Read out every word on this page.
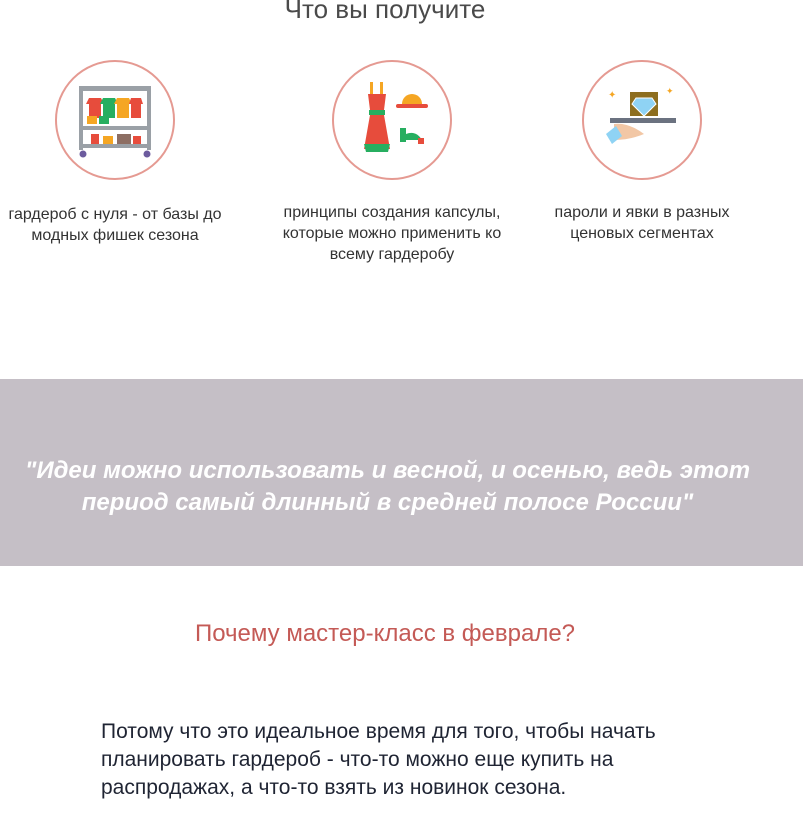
Что вы получите
гардероб с нуля - от базы до модных фишек сезона
принципы создания капсулы, которые можно применить ко всему гардеробу
✦	✦
пароли и явки в разных ценовых сегментах

"Идеи можно использовать и весной, и осенью, ведь этот период самый длинный в средней полосе России"

Почему мастер-класс в феврале?

Потому что это идеальное время для того, чтобы начать планировать гардероб - что-то можно еще купить на распродажах, а что-то взять из новинок сезона.
